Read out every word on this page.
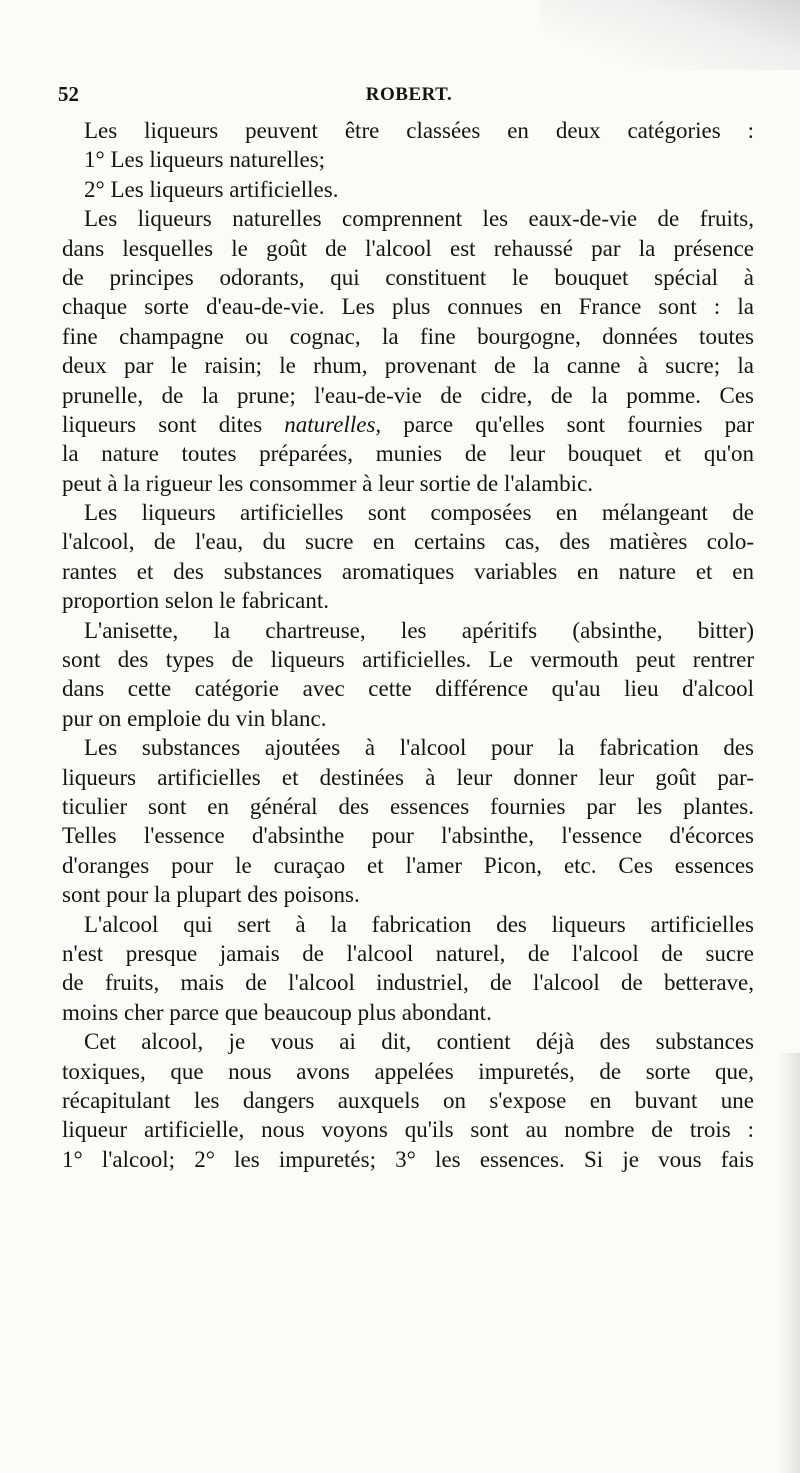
52	ROBERT.
Les liqueurs peuvent être classées en deux catégories :
1° Les liqueurs naturelles;
2° Les liqueurs artificielles.
Les liqueurs naturelles comprennent les eaux-de-vie de fruits,
dans lesquelles le goût de l'alcool est rehaussé par la présence
de principes odorants, qui constituent le bouquet spécial à
chaque sorte d'eau-de-vie. Les plus connues en France sont : la
fine champagne ou cognac, la fine bourgogne, données toutes
deux par le raisin; le rhum, provenant de la canne à sucre; la
prunelle, de la prune; l'eau-de-vie de cidre, de la pomme. Ces
liqueurs sont dites naturelles, parce qu'elles sont fournies par
la nature toutes préparées, munies de leur bouquet et qu'on
peut à la rigueur les consommer à leur sortie de l'alambic.
Les liqueurs artificielles sont composées en mélangeant de
l'alcool, de l'eau, du sucre en certains cas, des matières colo-
rantes et des substances aromatiques variables en nature et en
proportion selon le fabricant.
L'anisette, la chartreuse, les apéritifs (absinthe, bitter)
sont des types de liqueurs artificielles. Le vermouth peut rentrer
dans cette catégorie avec cette différence qu'au lieu d'alcool
pur on emploie du vin blanc.
Les substances ajoutées à l'alcool pour la fabrication des
liqueurs artificielles et destinées à leur donner leur goût par-
ticulier sont en général des essences fournies par les plantes.
Telles l'essence d'absinthe pour l'absinthe, l'essence d'écorces
d'oranges pour le curaçao et l'amer Picon, etc. Ces essences
sont pour la plupart des poisons.
L'alcool qui sert à la fabrication des liqueurs artificielles
n'est presque jamais de l'alcool naturel, de l'alcool de sucre
de fruits, mais de l'alcool industriel, de l'alcool de betterave,
moins cher parce que beaucoup plus abondant.
Cet alcool, je vous ai dit, contient déjà des substances
toxiques, que nous avons appelées impuretés, de sorte que,
récapitulant les dangers auxquels on s'expose en buvant une
liqueur artificielle, nous voyons qu'ils sont au nombre de trois :
1° l'alcool; 2° les impuretés; 3° les essences. Si je vous fais
